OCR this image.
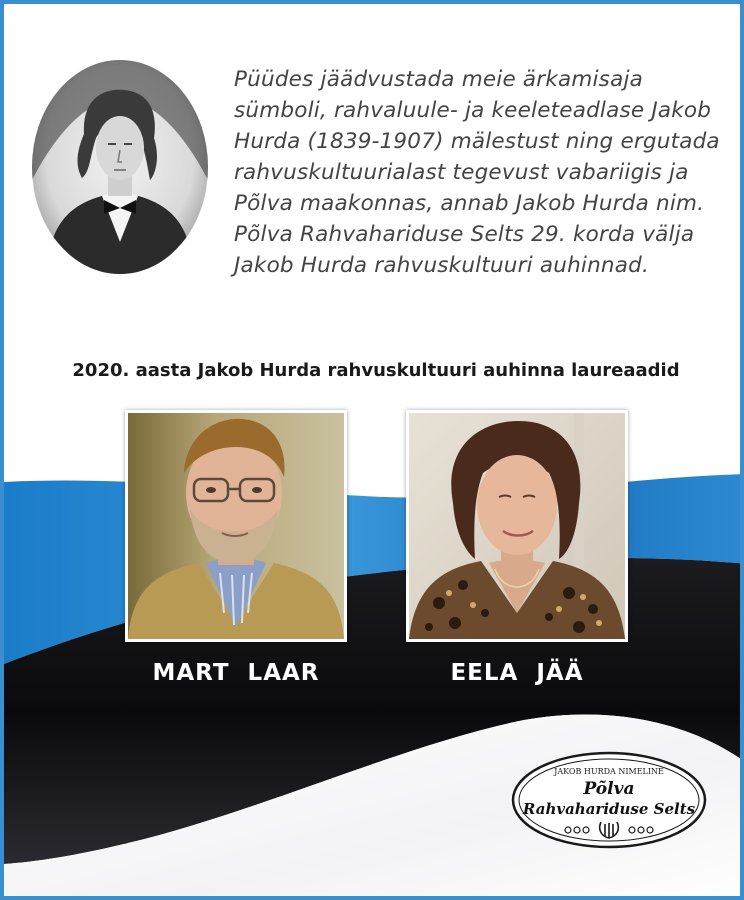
Püüdes jäädvustada meie ärkamisaja sümboli, rahvaluule- ja keeleteadlase Jakob Hurda (1839-1907) mälestust ning ergutada rahvuskultuurialast tegevust vabariigis ja Põlva maakonnas, annab Jakob Hurda nim. Põlva Rahvahariduse Selts 29. korda välja Jakob Hurda rahvuskultuuri auhinnad.

2020. aasta Jakob Hurda rahvuskultuuri auhinna laureaadid

MART  LAAR	EELA  JÄÄ

JAKOB HURDA NIMELINE
Põlva
Rahvahariduse Selts
